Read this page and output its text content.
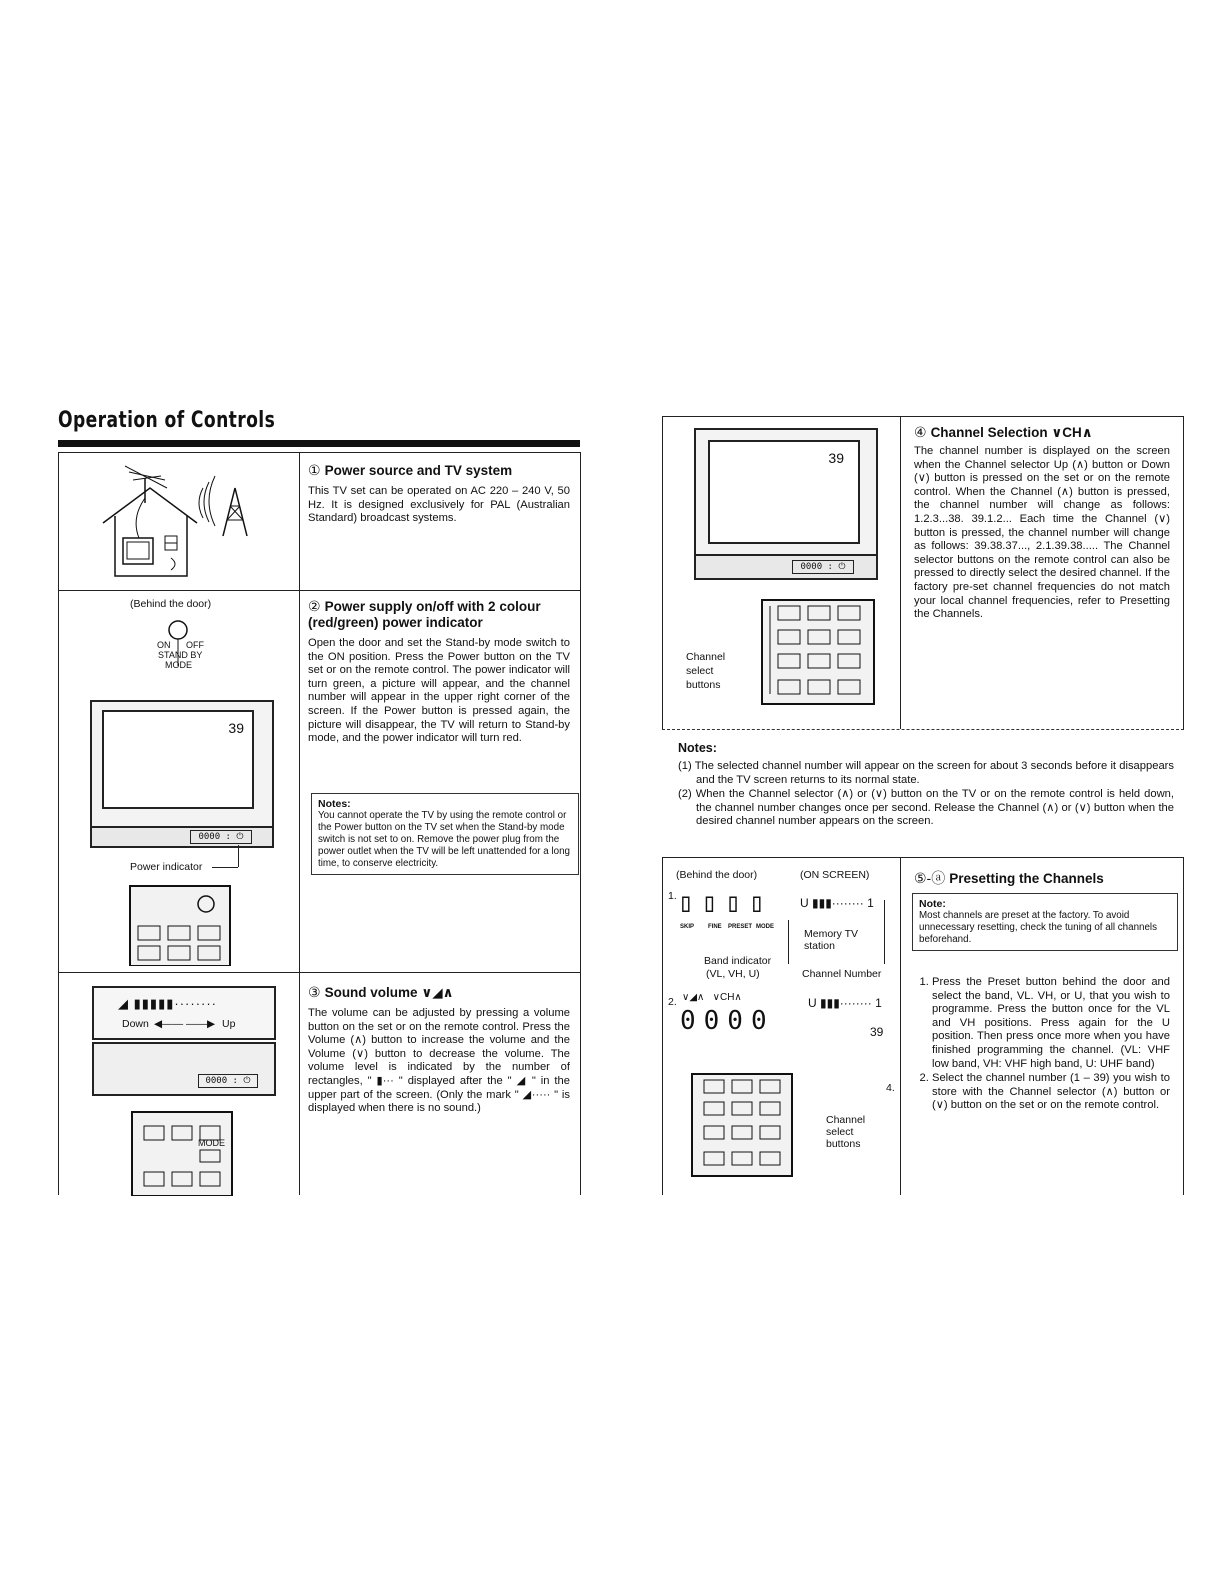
Operation of Controls
① Power source and TV system
This TV set can be operated on AC 220 – 240 V, 50 Hz. It is designed exclusively for PAL (Australian Standard) broadcast systems.
(Behind the door)
ON OFF
STAND BY
MODE
39
0000 : ⏻
Power indicator
② Power supply on/off with 2 colour (red/green) power indicator
Open the door and set the Stand-by mode switch to the ON position. Press the Power button on the TV set or on the remote control. The power indicator will turn green, a picture will appear, and the channel number will appear in the upper right corner of the screen. If the Power button is pressed again, the picture will disappear, the TV will return to Stand-by mode, and the power indicator will turn red.
Notes:
You cannot operate the TV by using the remote control or the Power button on the TV set when the Stand-by mode switch is not set to on. Remove the power plug from the power outlet when the TV will be left unattended for a long time, to conserve electricity.
◢ ▮▮▮▮▮········
Down ◀—— ——▶ Up
0000 : ⏻
MODE
③ Sound volume ∨◢∧
The volume can be adjusted by pressing a volume button on the set or on the remote control. Press the Volume (∧) button to increase the volume and the Volume (∨) button to decrease the volume. The volume level is indicated by the number of rectangles, " ▮··· " displayed after the " ◢ " in the upper part of the screen. (Only the mark " ◢····· " is displayed when there is no sound.)
39
0000 : ⏻
Channel select buttons
④ Channel Selection ∨CH∧
The channel number is displayed on the screen when the Channel selector Up (∧) button or Down (∨) button is pressed on the set or on the remote control. When the Channel (∧) button is pressed, the channel number will change as follows: 1.2.3...38. 39.1.2... Each time the Channel (∨) button is pressed, the channel number will change as follows: 39.38.37..., 2.1.39.38..... The Channel selector buttons on the remote control can also be pressed to directly select the desired channel. If the factory pre-set channel frequencies do not match your local channel frequencies, refer to Presetting the Channels.
Notes:
(1) The selected channel number will appear on the screen for about 3 seconds before it disappears and the TV screen returns to its normal state.
(2) When the Channel selector (∧) or (∨) button on the TV or on the remote control is held down, the channel number changes once per second. Release the Channel (∧) or (∨) button when the desired channel number appears on the screen.
(Behind the door)	(ON SCREEN)
1. ▯▯▯▯ U ▮▮▮········ 1
SKIP FINE PRESET MODE
Memory TV station
Band indicator
(VL, VH, U)	Channel Number
2. ∨◢∧   ∨CH∧
0000
U ▮▮▮········ 1
39
4.
Channel select buttons
⑤-ⓐ Presetting the Channels
Note:
Most channels are preset at the factory. To avoid unnecessary resetting, check the tuning of all channels beforehand.
1. Press the Preset button behind the door and select the band, VL. VH, or U, that you wish to programme. Press the button once for the VL and VH positions. Press again for the U position. Then press once more when you have finished programming the channel. (VL: VHF low band, VH: VHF high band, U: UHF band)
2. Select the channel number (1 – 39) you wish to store with the Channel selector (∧) button or (∨) button on the set or on the remote control.
